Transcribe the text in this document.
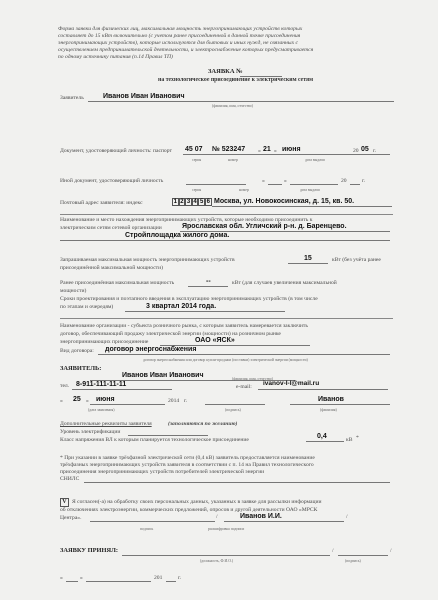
Форма заявки для физических лиц, максимальная мощность энергопринимающих устройств которых
составляет до 15 кВт включительно (с учетом ранее присоединенной в данной точке присоединения
энергопринимающих устройств), которые используются для бытовых и иных нужд, не связанных с
осуществлением предпринимательской деятельности, и электроснабжение которых предусматривается
по одному источнику питания (п.14 Правил ТП)
ЗАЯВКА №
на технологическое присоединение к электрическим сетям
Заявитель	Иванов Иван Иванович
(фамилия, имя, отчество)
Документ, удостоверяющий личность: паспорт 45 07 № 523247 « 21 » июня	20 05 г.
серия	номер	дата выдачи
Иной документ, удостоверяющий личность	«	»	20	г.
серия	номер	дата выдачи
Почтовый адрес заявителя: индекс	1 2 3 4 5 6 Москва, ул. Новокосинская, д. 15, кв. 50.
Наименование и место нахождения энергопринимающих устройств, которые необходимо присоединить к
электрическим сетям сетевой организации	Ярославская обл. Угличский р-н. д. Баренцево.
Стройплощадка жилого дома.
Запрашиваемая максимальная мощность энергопринимающих устройств	15	кВт (без учёта ранее
присоединённой максимальной мощности)
Ранее присоединённая максимальная мощность	--	кВт (для случаев увеличения максимальной
мощности)
Сроки проектирования и поэтапного введения в эксплуатацию энергопринимающих устройств (в том числе
по этапам и очередям)	3 квартал 2014 года.
Наименование организации - субъекта розничного рынка, с которым заявитель намеревается заключить
договор, обеспечивающий продажу электрической энергии (мощности) на розничном рынке
энергопринимающих присоединение	ОАО «ЯСК»
Вид договора: договор энергоснабжения
договор энергоснабжения или договор купли-продажи (поставки) электрической энергии (мощности)
ЗАЯВИТЕЛЬ:
Иванов Иван Иванович	(фамилия, имя, отчество)
тел. 8-911-111-11-11	e-mail: ivanov-I-I@mail.ru
« 25 » июня	2014 г.
(дата заявления)	(подпись)
Иванов
(фамилия)
Дополнительные реквизиты заявителя	(заполняются по желанию)
Уровень электрификации
Класс напряжения ВЛ к которым планируется технологическое присоединение	0,4	кВ *
* При указании в заявке трёхфазной электрической сети (0,4 кВ) заявитель предоставляется наименование
трёхфазных энергопринимающих устройств заявителя в соответствии с п. 14 на Правил технологического
присоединения энергопринимающих устройств потребителей электрической энергии
СНИЛС
V Я согласен(-а) на обработку своих персональных данных, указанных в заявке для рассылки информации
об отключениях электроэнергии, коммерческих предложений, опросов и другой деятельности ОАО «МРСК
Центра».	/	Иванов И.И.	/
подпись	расшифровка подписи
ЗАЯВКУ ПРИНЯЛ:	/	/
(должность, Ф.И.О.)	(подпись)
«	»	201	г.
